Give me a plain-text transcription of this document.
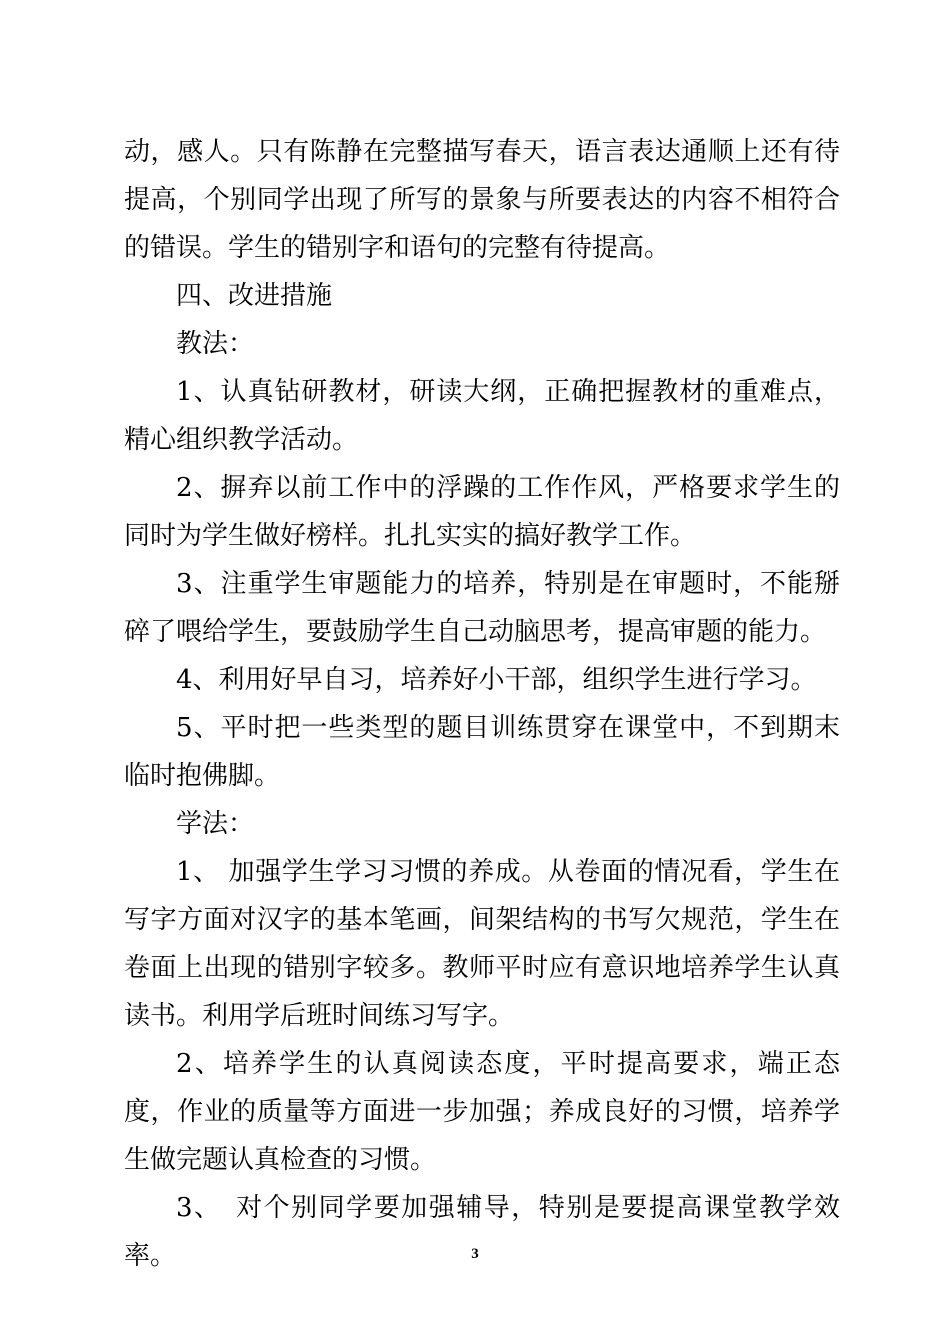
动，感人。只有陈静在完整描写春天，语言表达通顺上还有待提高，个别同学出现了所写的景象与所要表达的内容不相符合的错误。学生的错别字和语句的完整有待提高。

四、改进措施

教法：

1、认真钻研教材，研读大纲，正确把握教材的重难点，精心组织教学活动。

2、摒弃以前工作中的浮躁的工作作风，严格要求学生的同时为学生做好榜样。扎扎实实的搞好教学工作。

3、注重学生审题能力的培养，特别是在审题时，不能掰碎了喂给学生，要鼓励学生自己动脑思考，提高审题的能力。

4、利用好早自习，培养好小干部，组织学生进行学习。

5、平时把一些类型的题目训练贯穿在课堂中，不到期末临时抱佛脚。

学法：

1、 加强学生学习习惯的养成。从卷面的情况看，学生在写字方面对汉字的基本笔画，间架结构的书写欠规范，学生在卷面上出现的错别字较多。教师平时应有意识地培养学生认真读书。利用学后班时间练习写字。

2、培养学生的认真阅读态度，平时提高要求，端正态度，作业的质量等方面进一步加强；养成良好的习惯，培养学生做完题认真检查的习惯。

3、　对个别同学要加强辅导，特别是要提高课堂教学效率。	3
